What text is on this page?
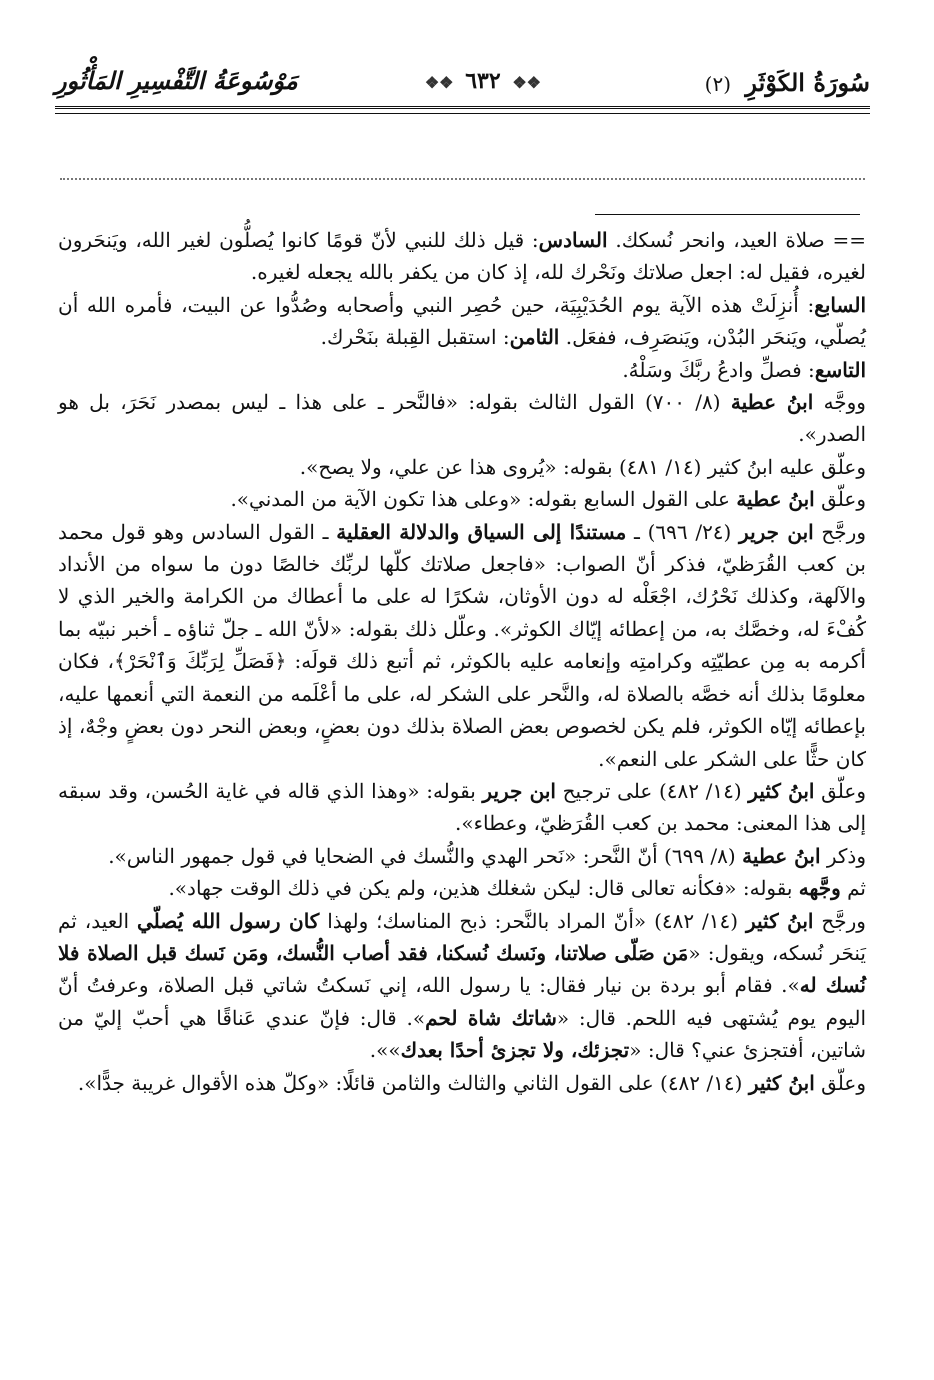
سُورَةُ الكَوْثَرِ (٢)
❖❖ ٦٣٢ ❖❖
مَوْسُوعَةُ التَّفْسِيرِ المَأْثُورِ

== صلاة العيد، وانحر نُسكك. السادس: قيل ذلك للنبي لأنّ قومًا كانوا يُصلُّون لغير الله، ويَنحَرون لغيره، فقيل له: اجعل صلاتك ونَحْرك لله، إذ كان من يكفر بالله يجعله لغيره.

السابع: أُنزِلَتْ هذه الآية يوم الحُدَيْبِيَة، حين حُصِر النبي وأصحابه وصُدُّوا عن البيت، فأمره الله أن يُصلّي، ويَنحَر البُدْن، ويَنصَرِف، ففعَل. الثامن: استقبل القِبلة بنَحْرك.

التاسع: فصلِّ وادعُ ربَّكَ وسَلْهُ.

ووجَّه ابنُ عطية (٨/ ٧٠٠) القول الثالث بقوله: «فالنَّحر ـ على هذا ـ ليس بمصدر نَحَرَ، بل هو الصدر».

وعلّق عليه ابنُ كثير (١٤/ ٤٨١) بقوله: «يُروى هذا عن علي، ولا يصح».

وعلّق ابنُ عطية على القول السابع بقوله: «وعلى هذا تكون الآية من المدني».

ورجَّح ابن جرير (٢٤/ ٦٩٦) ـ مستندًا إلى السياق والدلالة العقلية ـ القول السادس وهو قول محمد بن كعب القُرَظيّ، فذكر أنّ الصواب: «فاجعل صلاتك كلّها لربِّك خالصًا دون ما سواه من الأنداد والآلهة، وكذلك نَحْرُك، اجْعَلْه له دون الأوثان، شكرًا له على ما أعطاك من الكرامة والخير الذي لا كُفْءَ له، وخصَّك به، من إعطائه إيّاك الكوثر». وعلّل ذلك بقوله: «لأنّ الله ـ جلّ ثناؤه ـ أخبر نبيّه بما أكرمه به مِن عطيّتِه وكرامتِه وإنعامه عليه بالكوثر، ثم أتبع ذلك قولَه: ﴿فَصَلِّ لِرَبِّكَ وَٱنْحَرْ﴾، فكان معلومًا بذلك أنه خصَّه بالصلاة له، والنَّحر على الشكر له، على ما أعْلَمه من النعمة التي أنعمها عليه، بإعطائه إيّاه الكوثر، فلم يكن لخصوص بعض الصلاة بذلك دون بعضٍ، وبعض النحر دون بعضٍ وجْهٌ، إذ كان حثًّا على الشكر على النعم».

وعلّق ابنُ كثير (١٤/ ٤٨٢) على ترجيح ابن جرير بقوله: «وهذا الذي قاله في غاية الحُسن، وقد سبقه إلى هذا المعنى: محمد بن كعب القُرَظيّ، وعطاء».

وذكر ابنُ عطية (٨/ ٦٩٩) أنّ النَّحر: «نَحر الهدي والنُّسك في الضحايا في قول جمهور الناس».

ثم وجَّهه بقوله: «فكأنه تعالى قال: ليكن شغلك هذين، ولم يكن في ذلك الوقت جهاد».

ورجَّح ابنُ كثير (١٤/ ٤٨٢) «أنّ المراد بالنَّحر: ذبح المناسك؛ ولهذا كان رسول الله يُصلّي العيد، ثم يَنحَر نُسكه، ويقول: «مَن صَلّى صلاتنا، ونَسك نُسكنا، فقد أصاب النُّسك، ومَن نَسك قبل الصلاة فلا نُسك له». فقام أبو بردة بن نيار فقال: يا رسول الله، إني نَسكتُ شاتي قبل الصلاة، وعرفتُ أنّ اليوم يوم يُشتهى فيه اللحم. قال: «شاتك شاة لحم». قال: فإنّ عندي عَناقًا هي أحبّ إليّ من شاتين، أفتجزئ عني؟ قال: «تجزئك، ولا تجزئ أحدًا بعدك»».

وعلّق ابنُ كثير (١٤/ ٤٨٢) على القول الثاني والثالث والثامن قائلًا: «وكلّ هذه الأقوال غريبة جدًّا».
